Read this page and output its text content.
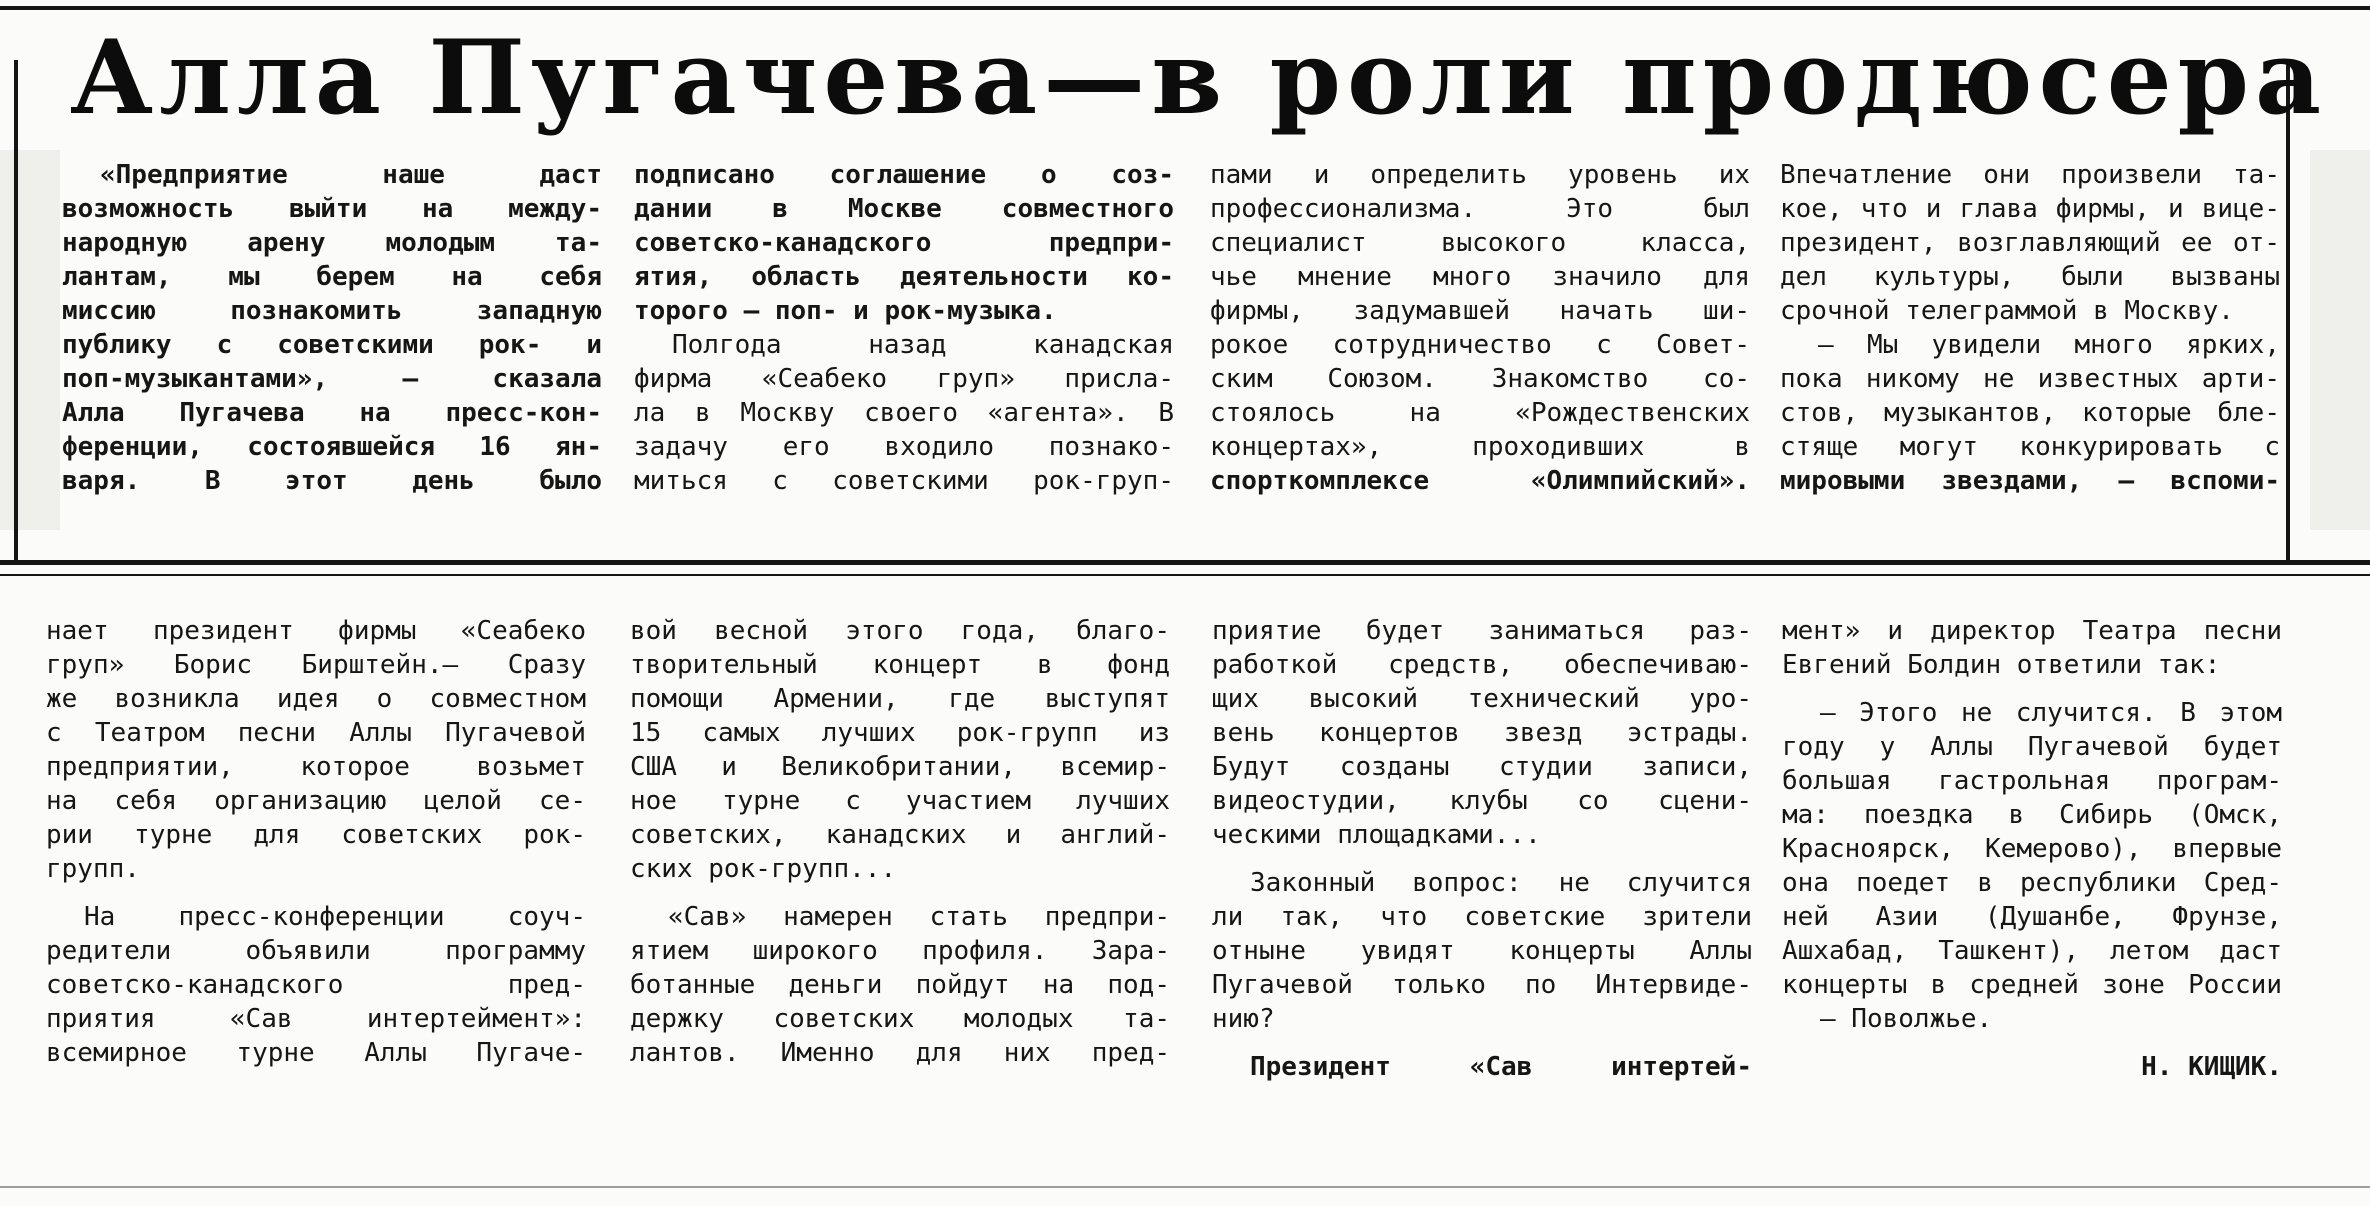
Алла Пугачева—в роли продюсера

«Предприятие наше даст

возможность выйти на между-

народную арену молодым та-

лантам, мы берем на себя

миссию познакомить западную

публику с советскими рок- и

поп-музыкантами», — сказала

Алла Пугачева на пресс-кон-

ференции, состоявшейся 16 ян-

варя. В этот день было

подписано соглашение о соз-

дании в Москве совместного

советско-канадского предпри-

ятия, область деятельности ко-

торого — поп- и рок-музыка.

Полгода назад канадская

фирма «Сеабеко груп» присла-

ла в Москву своего «агента». В

задачу его входило познако-

миться с советскими рок-груп-

пами и определить уровень их

профессионализма. Это был

специалист высокого класса,

чье мнение много значило для

фирмы, задумавшей начать ши-

рокое сотрудничество с Совет-

ским Союзом. Знакомство со-

стоялось на «Рождественских

концертах», проходивших в

спорткомплексе «Олимпийский».

Впечатление они произвели та-

кое, что и глава фирмы, и вице-

президент, возглавляющий ее от-

дел культуры, были вызваны

срочной телеграммой в Москву.

— Мы увидели много ярких,

пока никому не известных арти-

стов, музыкантов, которые бле-

стяще могут конкурировать с

мировыми звездами, — вспоми-

нает президент фирмы «Сеабеко

груп» Борис Бирштейн.— Сразу

же возникла идея о совместном

с Театром песни Аллы Пугачевой

предприятии, которое возьмет

на себя организацию целой се-

рии турне для советских рок-

групп.

На пресс-конференции соуч-

редители объявили программу

советско-канадского пред-

приятия «Сав интертеймент»:

всемирное турне Аллы Пугаче-

вой весной этого года, благо-

творительный концерт в фонд

помощи Армении, где выступят

15 самых лучших рок-групп из

США и Великобритании, всемир-

ное турне с участием лучших

советских, канадских и англий-

ских рок-групп...

«Сав» намерен стать предпри-

ятием широкого профиля. Зара-

ботанные деньги пойдут на под-

держку советских молодых та-

лантов. Именно для них пред-

приятие будет заниматься раз-

работкой средств, обеспечиваю-

щих высокий технический уро-

вень концертов звезд эстрады.

Будут созданы студии записи,

видеостудии, клубы со сцени-

ческими площадками...

Законный вопрос: не случится

ли так, что советские зрители

отныне увидят концерты Аллы

Пугачевой только по Интервиде-

нию?

Президент «Сав интертей-

мент» и директор Театра песни

Евгений Болдин ответили так:

— Этого не случится. В этом

году у Аллы Пугачевой будет

большая гастрольная програм-

ма: поездка в Сибирь (Омск,

Красноярск, Кемерово), впервые

она поедет в республики Сред-

ней Азии (Душанбе, Фрунзе,

Ашхабад, Ташкент), летом даст

концерты в средней зоне России

— Поволжье.

Н. КИЩИК.
